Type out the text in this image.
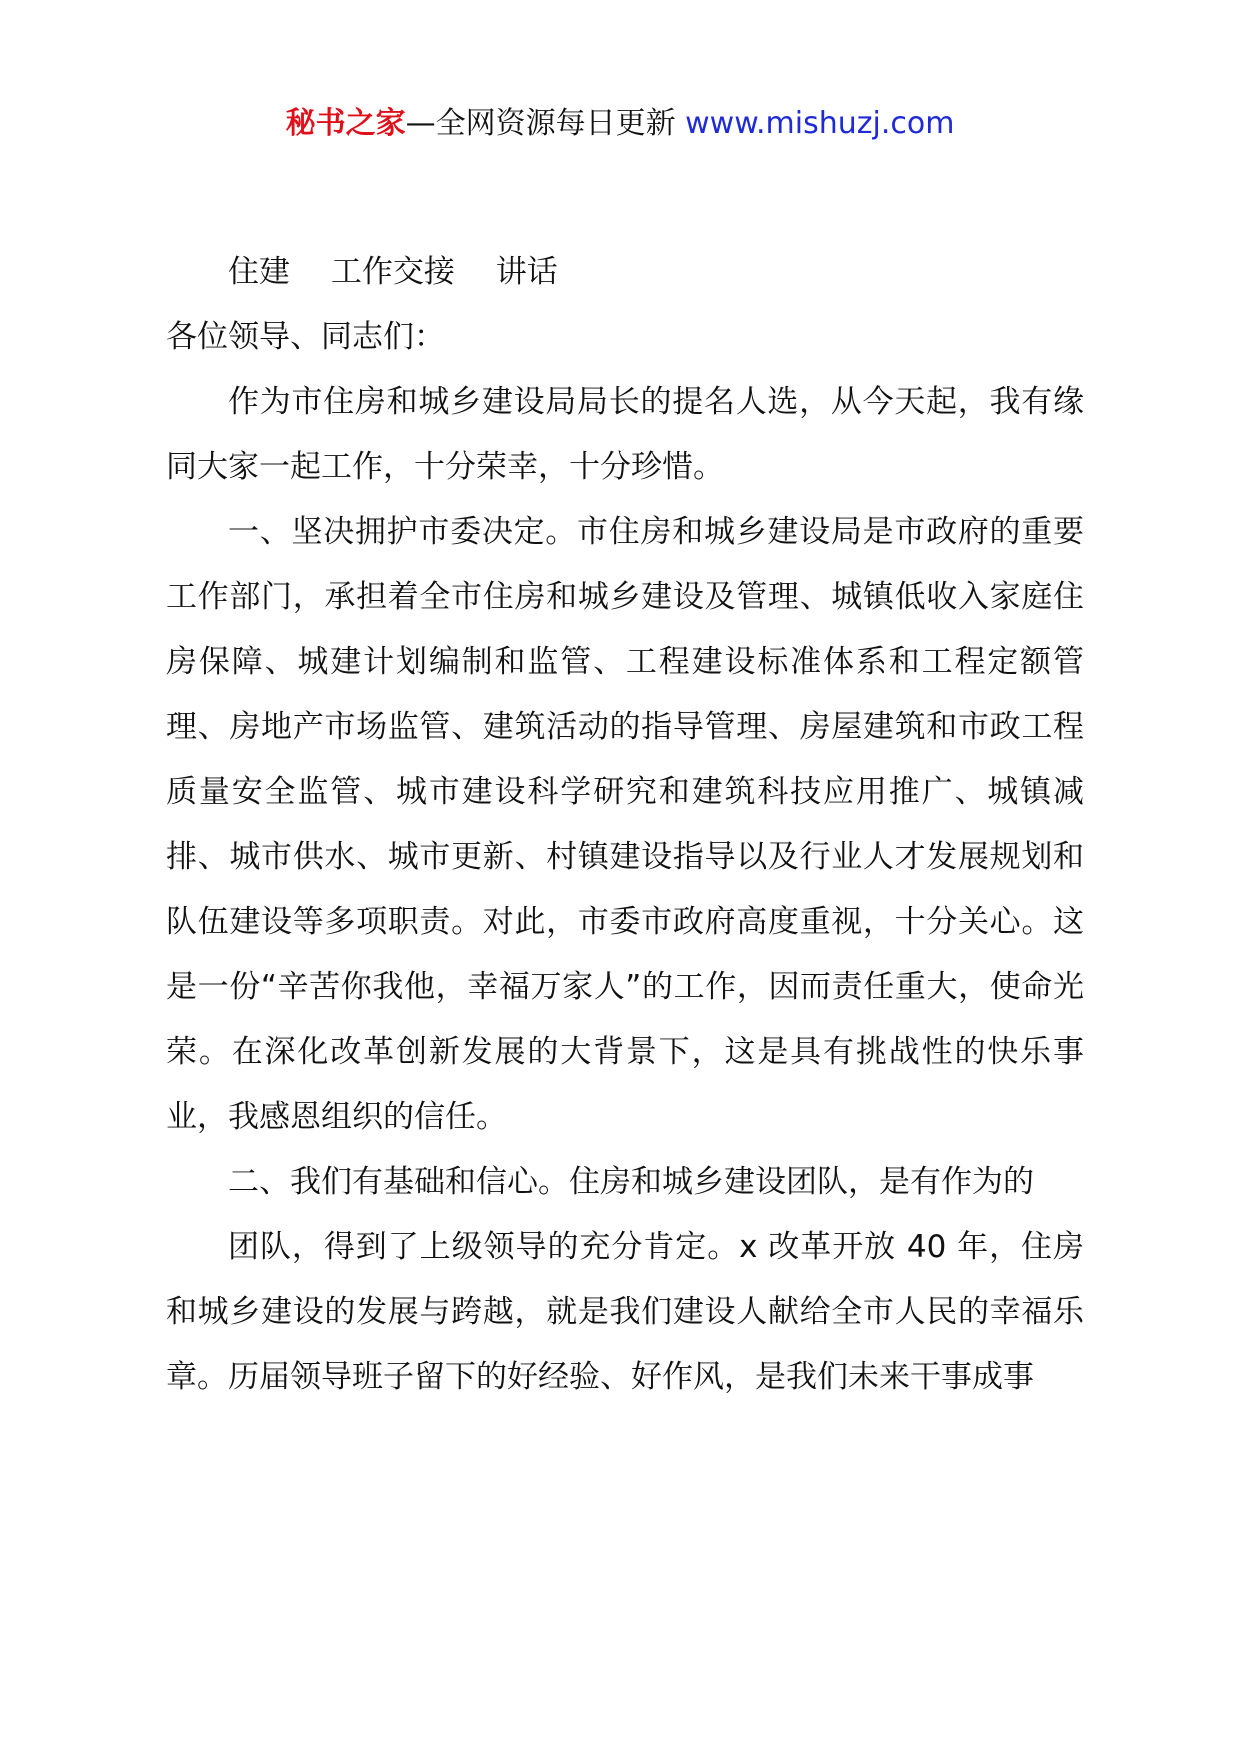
秘书之家—全网资源每日更新 www.mishuzj.com

住建　 工作交接　 讲话

各位领导、同志们：

作为市住房和城乡建设局局长的提名人选，从今天起，我有缘同大家一起工作，十分荣幸，十分珍惜。

一、坚决拥护市委决定。市住房和城乡建设局是市政府的重要工作部门，承担着全市住房和城乡建设及管理、城镇低收入家庭住房保障、城建计划编制和监管、工程建设标准体系和工程定额管理、房地产市场监管、建筑活动的指导管理、房屋建筑和市政工程质量安全监管、城市建设科学研究和建筑科技应用推广、城镇减排、城市供水、城市更新、村镇建设指导以及行业人才发展规划和队伍建设等多项职责。对此，市委市政府高度重视，十分关心。这是一份“辛苦你我他，幸福万家人”的工作，因而责任重大，使命光荣。在深化改革创新发展的大背景下，这是具有挑战性的快乐事业，我感恩组织的信任。

二、我们有基础和信心。住房和城乡建设团队，是有作为的

团队，得到了上级领导的充分肯定。x 改革开放 40 年，住房和城乡建设的发展与跨越，就是我们建设人献给全市人民的幸福乐章。历届领导班子留下的好经验、好作风，是我们未来干事成事
